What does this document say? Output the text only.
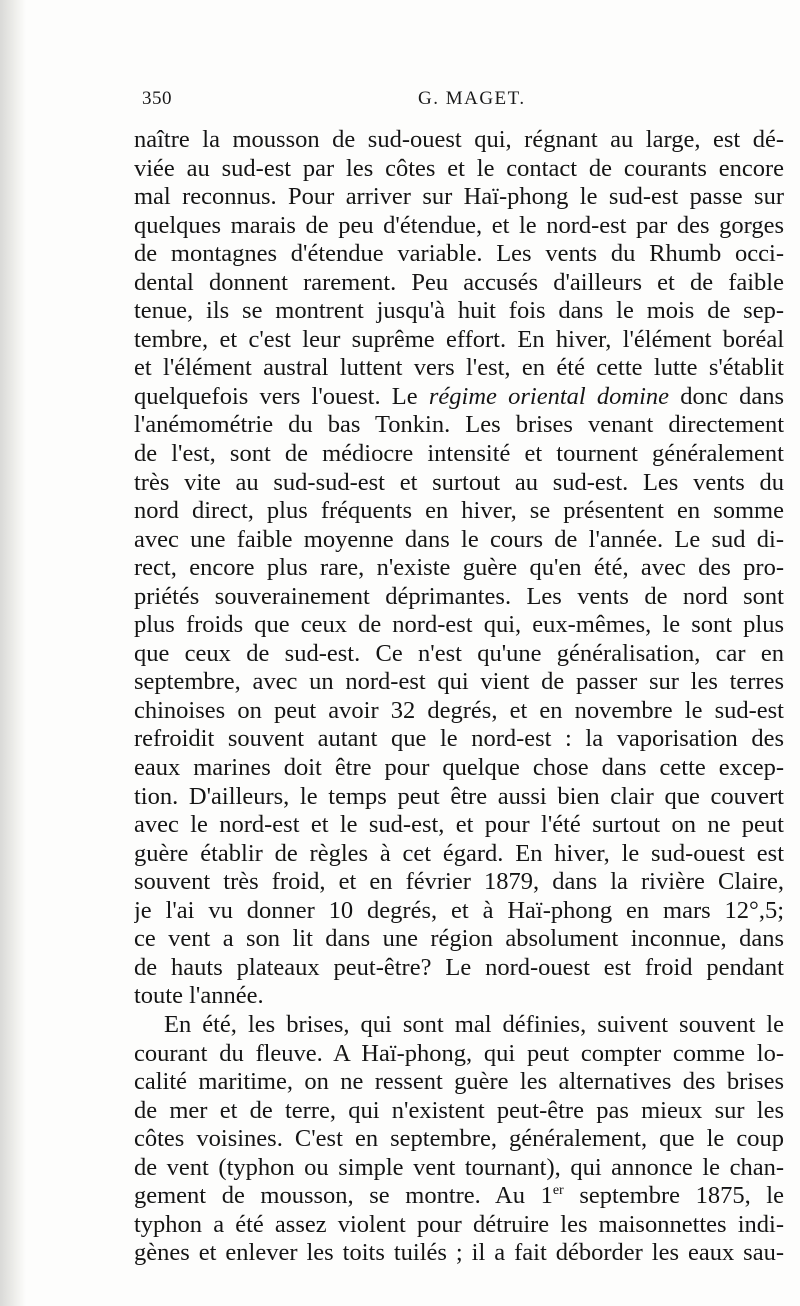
350	G. MAGET.
naître la mousson de sud-ouest qui, régnant au large, est dé-
viée au sud-est par les côtes et le contact de courants encore
mal reconnus. Pour arriver sur Haï-phong le sud-est passe sur
quelques marais de peu d'étendue, et le nord-est par des gorges
de montagnes d'étendue variable. Les vents du Rhumb occi-
dental donnent rarement. Peu accusés d'ailleurs et de faible
tenue, ils se montrent jusqu'à huit fois dans le mois de sep-
tembre, et c'est leur suprême effort. En hiver, l'élément boréal
et l'élément austral luttent vers l'est, en été cette lutte s'établit
quelquefois vers l'ouest. Le régime oriental domine donc dans
l'anémométrie du bas Tonkin. Les brises venant directement
de l'est, sont de médiocre intensité et tournent généralement
très vite au sud-sud-est et surtout au sud-est. Les vents du
nord direct, plus fréquents en hiver, se présentent en somme
avec une faible moyenne dans le cours de l'année. Le sud di-
rect, encore plus rare, n'existe guère qu'en été, avec des pro-
priétés souverainement déprimantes. Les vents de nord sont
plus froids que ceux de nord-est qui, eux-mêmes, le sont plus
que ceux de sud-est. Ce n'est qu'une généralisation, car en
septembre, avec un nord-est qui vient de passer sur les terres
chinoises on peut avoir 32 degrés, et en novembre le sud-est
refroidit souvent autant que le nord-est : la vaporisation des
eaux marines doit être pour quelque chose dans cette excep-
tion. D'ailleurs, le temps peut être aussi bien clair que couvert
avec le nord-est et le sud-est, et pour l'été surtout on ne peut
guère établir de règles à cet égard. En hiver, le sud-ouest est
souvent très froid, et en février 1879, dans la rivière Claire,
je l'ai vu donner 10 degrés, et à Haï-phong en mars 12°,5;
ce vent a son lit dans une région absolument inconnue, dans
de hauts plateaux peut-être? Le nord-ouest est froid pendant
toute l'année.
En été, les brises, qui sont mal définies, suivent souvent le
courant du fleuve. A Haï-phong, qui peut compter comme lo-
calité maritime, on ne ressent guère les alternatives des brises
de mer et de terre, qui n'existent peut-être pas mieux sur les
côtes voisines. C'est en septembre, généralement, que le coup
de vent (typhon ou simple vent tournant), qui annonce le chan-
gement de mousson, se montre. Au 1er septembre 1875, le
typhon a été assez violent pour détruire les maisonnettes indi-
gènes et enlever les toits tuilés ; il a fait déborder les eaux sau-
